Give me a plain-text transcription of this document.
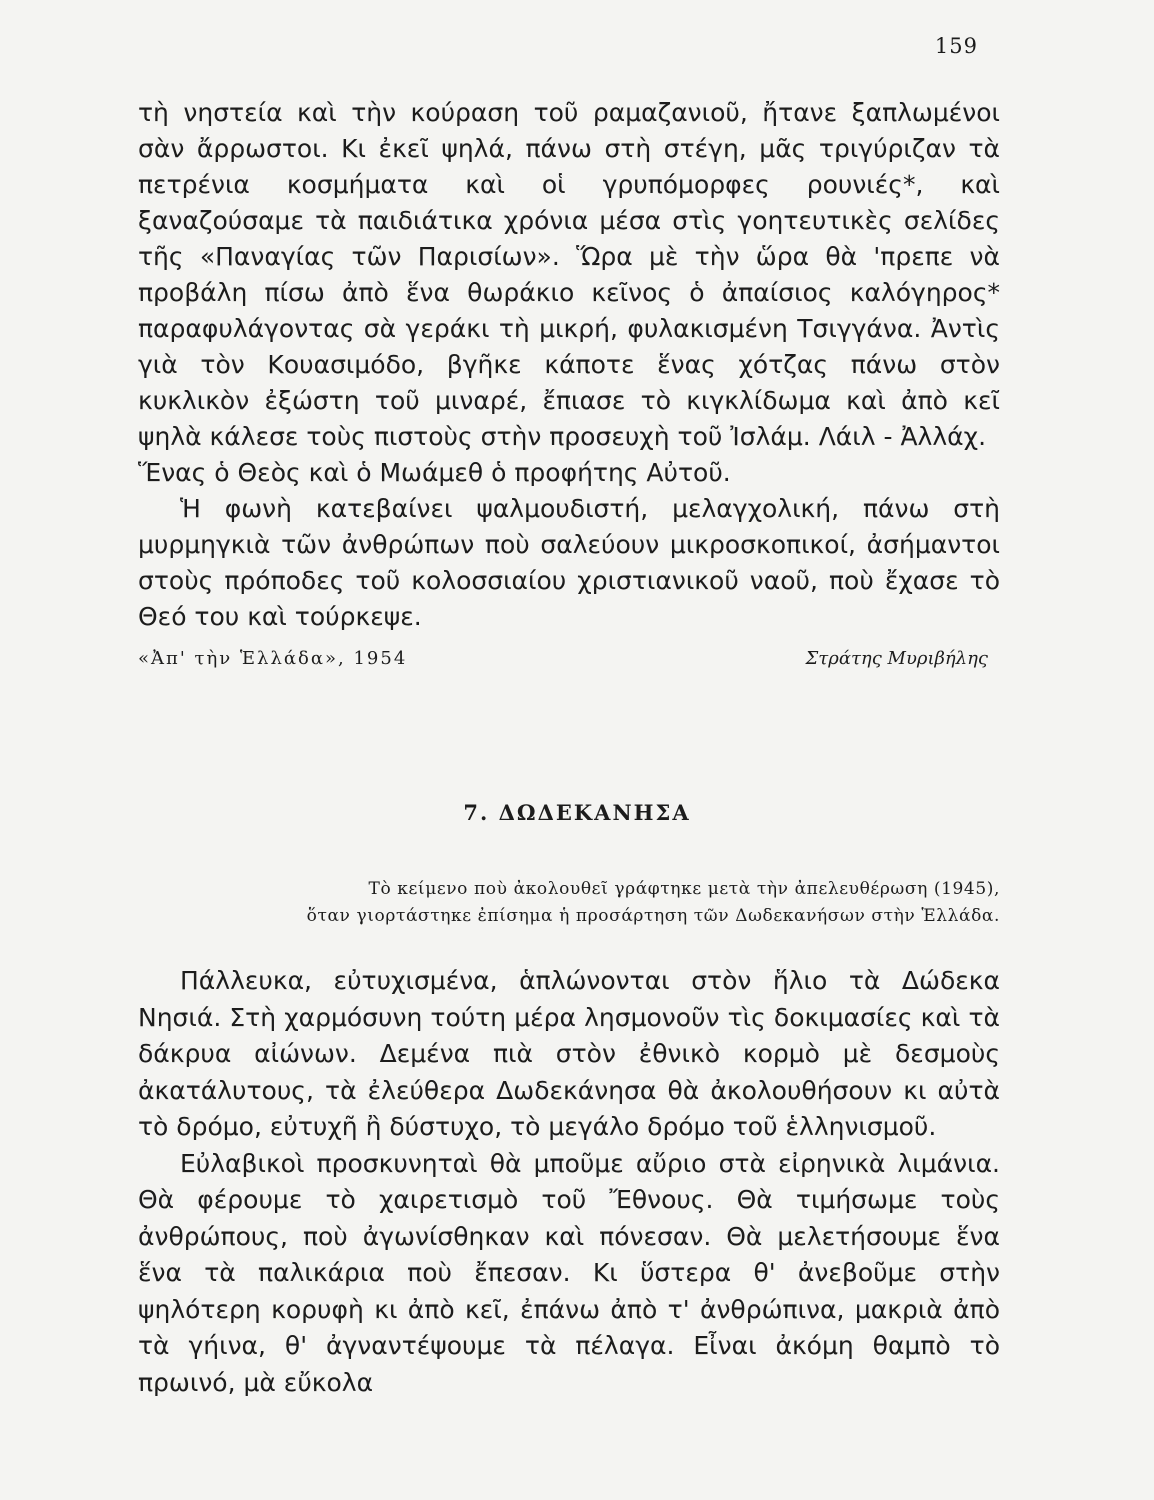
159

τὴ νηστεία καὶ τὴν κούραση τοῦ ραμαζανιοῦ, ἤτανε ξαπλωμένοι σὰν ἄρρωστοι. Κι ἐκεῖ ψηλά, πάνω στὴ στέγη, μᾶς τριγύριζαν τὰ πετρένια κοσμήματα καὶ οἱ γρυπόμορφες ρουνιές*, καὶ ξαναζούσαμε τὰ παιδιάτικα χρόνια μέσα στὶς γοητευτικὲς σελίδες τῆς «Παναγίας τῶν Παρισίων». Ὥρα μὲ τὴν ὥρα θὰ 'πρεπε νὰ προβάλη πίσω ἀπὸ ἕνα θωράκιο κεῖνος ὁ ἀπαίσιος καλόγηρος* παραφυλάγοντας σὰ γεράκι τὴ μικρή, φυλακισμένη Τσιγγάνα. Ἀντὶς γιὰ τὸν Κουασιμόδο, βγῆκε κάποτε ἕνας χότζας πάνω στὸν κυκλικὸν ἐξώστη τοῦ μιναρέ, ἔπιασε τὸ κιγκλίδωμα καὶ ἀπὸ κεῖ ψηλὰ κάλεσε τοὺς πιστοὺς στὴν προσευχὴ τοῦ Ἰσλάμ. Λάιλ - Ἀλλάχ.

Ἕνας ὁ Θεὸς καὶ ὁ Μωάμεθ ὁ προφήτης Αὐτοῦ.

Ἡ φωνὴ κατεβαίνει ψαλμουδιστή, μελαγχολική, πάνω στὴ μυρμηγκιὰ τῶν ἀνθρώπων ποὺ σαλεύουν μικροσκοπικοί, ἀσήμαντοι στοὺς πρόποδες τοῦ κολοσσιαίου χριστιανικοῦ ναοῦ, ποὺ ἔχασε τὸ Θεό του καὶ τούρκεψε.

«Ἀπ' τὴν Ἑλλάδα», 1954	Στράτης Μυριβήλης
7. ΔΩΔΕΚΑΝΗΣΑ
Τὸ κείμενο ποὺ ἀκολουθεῖ γράφτηκε μετὰ τὴν ἀπελευθέρωση (1945),
ὅταν γιορτάστηκε ἐπίσημα ἡ προσάρτηση τῶν Δωδεκανήσων στὴν Ἑλλάδα.

Πάλλευκα, εὐτυχισμένα, ἁπλώνονται στὸν ἥλιο τὰ Δώδεκα Νησιά. Στὴ χαρμόσυνη τούτη μέρα λησμονοῦν τὶς δοκιμασίες καὶ τὰ δάκρυα αἰώνων. Δεμένα πιὰ στὸν ἐθνικὸ κορμὸ μὲ δεσμοὺς ἀκατάλυτους, τὰ ἐλεύθερα Δωδεκάνησα θὰ ἀκολουθήσουν κι αὐτὰ τὸ δρόμο, εὐτυχῆ ἢ δύστυχο, τὸ μεγάλο δρόμο τοῦ ἑλληνισμοῦ.

Εὐλαβικοὶ προσκυνηταὶ θὰ μποῦμε αὔριο στὰ εἰρηνικὰ λιμάνια. Θὰ φέρουμε τὸ χαιρετισμὸ τοῦ Ἔθνους. Θὰ τιμήσωμε τοὺς ἀνθρώπους, ποὺ ἀγωνίσθηκαν καὶ πόνεσαν. Θὰ μελετήσουμε ἕνα ἕνα τὰ παλικάρια ποὺ ἔπεσαν. Κι ὕστερα θ' ἀνεβοῦμε στὴν ψηλότερη κορυφὴ κι ἀπὸ κεῖ, ἐπάνω ἀπὸ τ' ἀνθρώπινα, μακριὰ ἀπὸ τὰ γήινα, θ' ἀγναντέψουμε τὰ πέλαγα. Εἶναι ἀκόμη θαμπὸ τὸ πρωινό, μὰ εὔκολα
